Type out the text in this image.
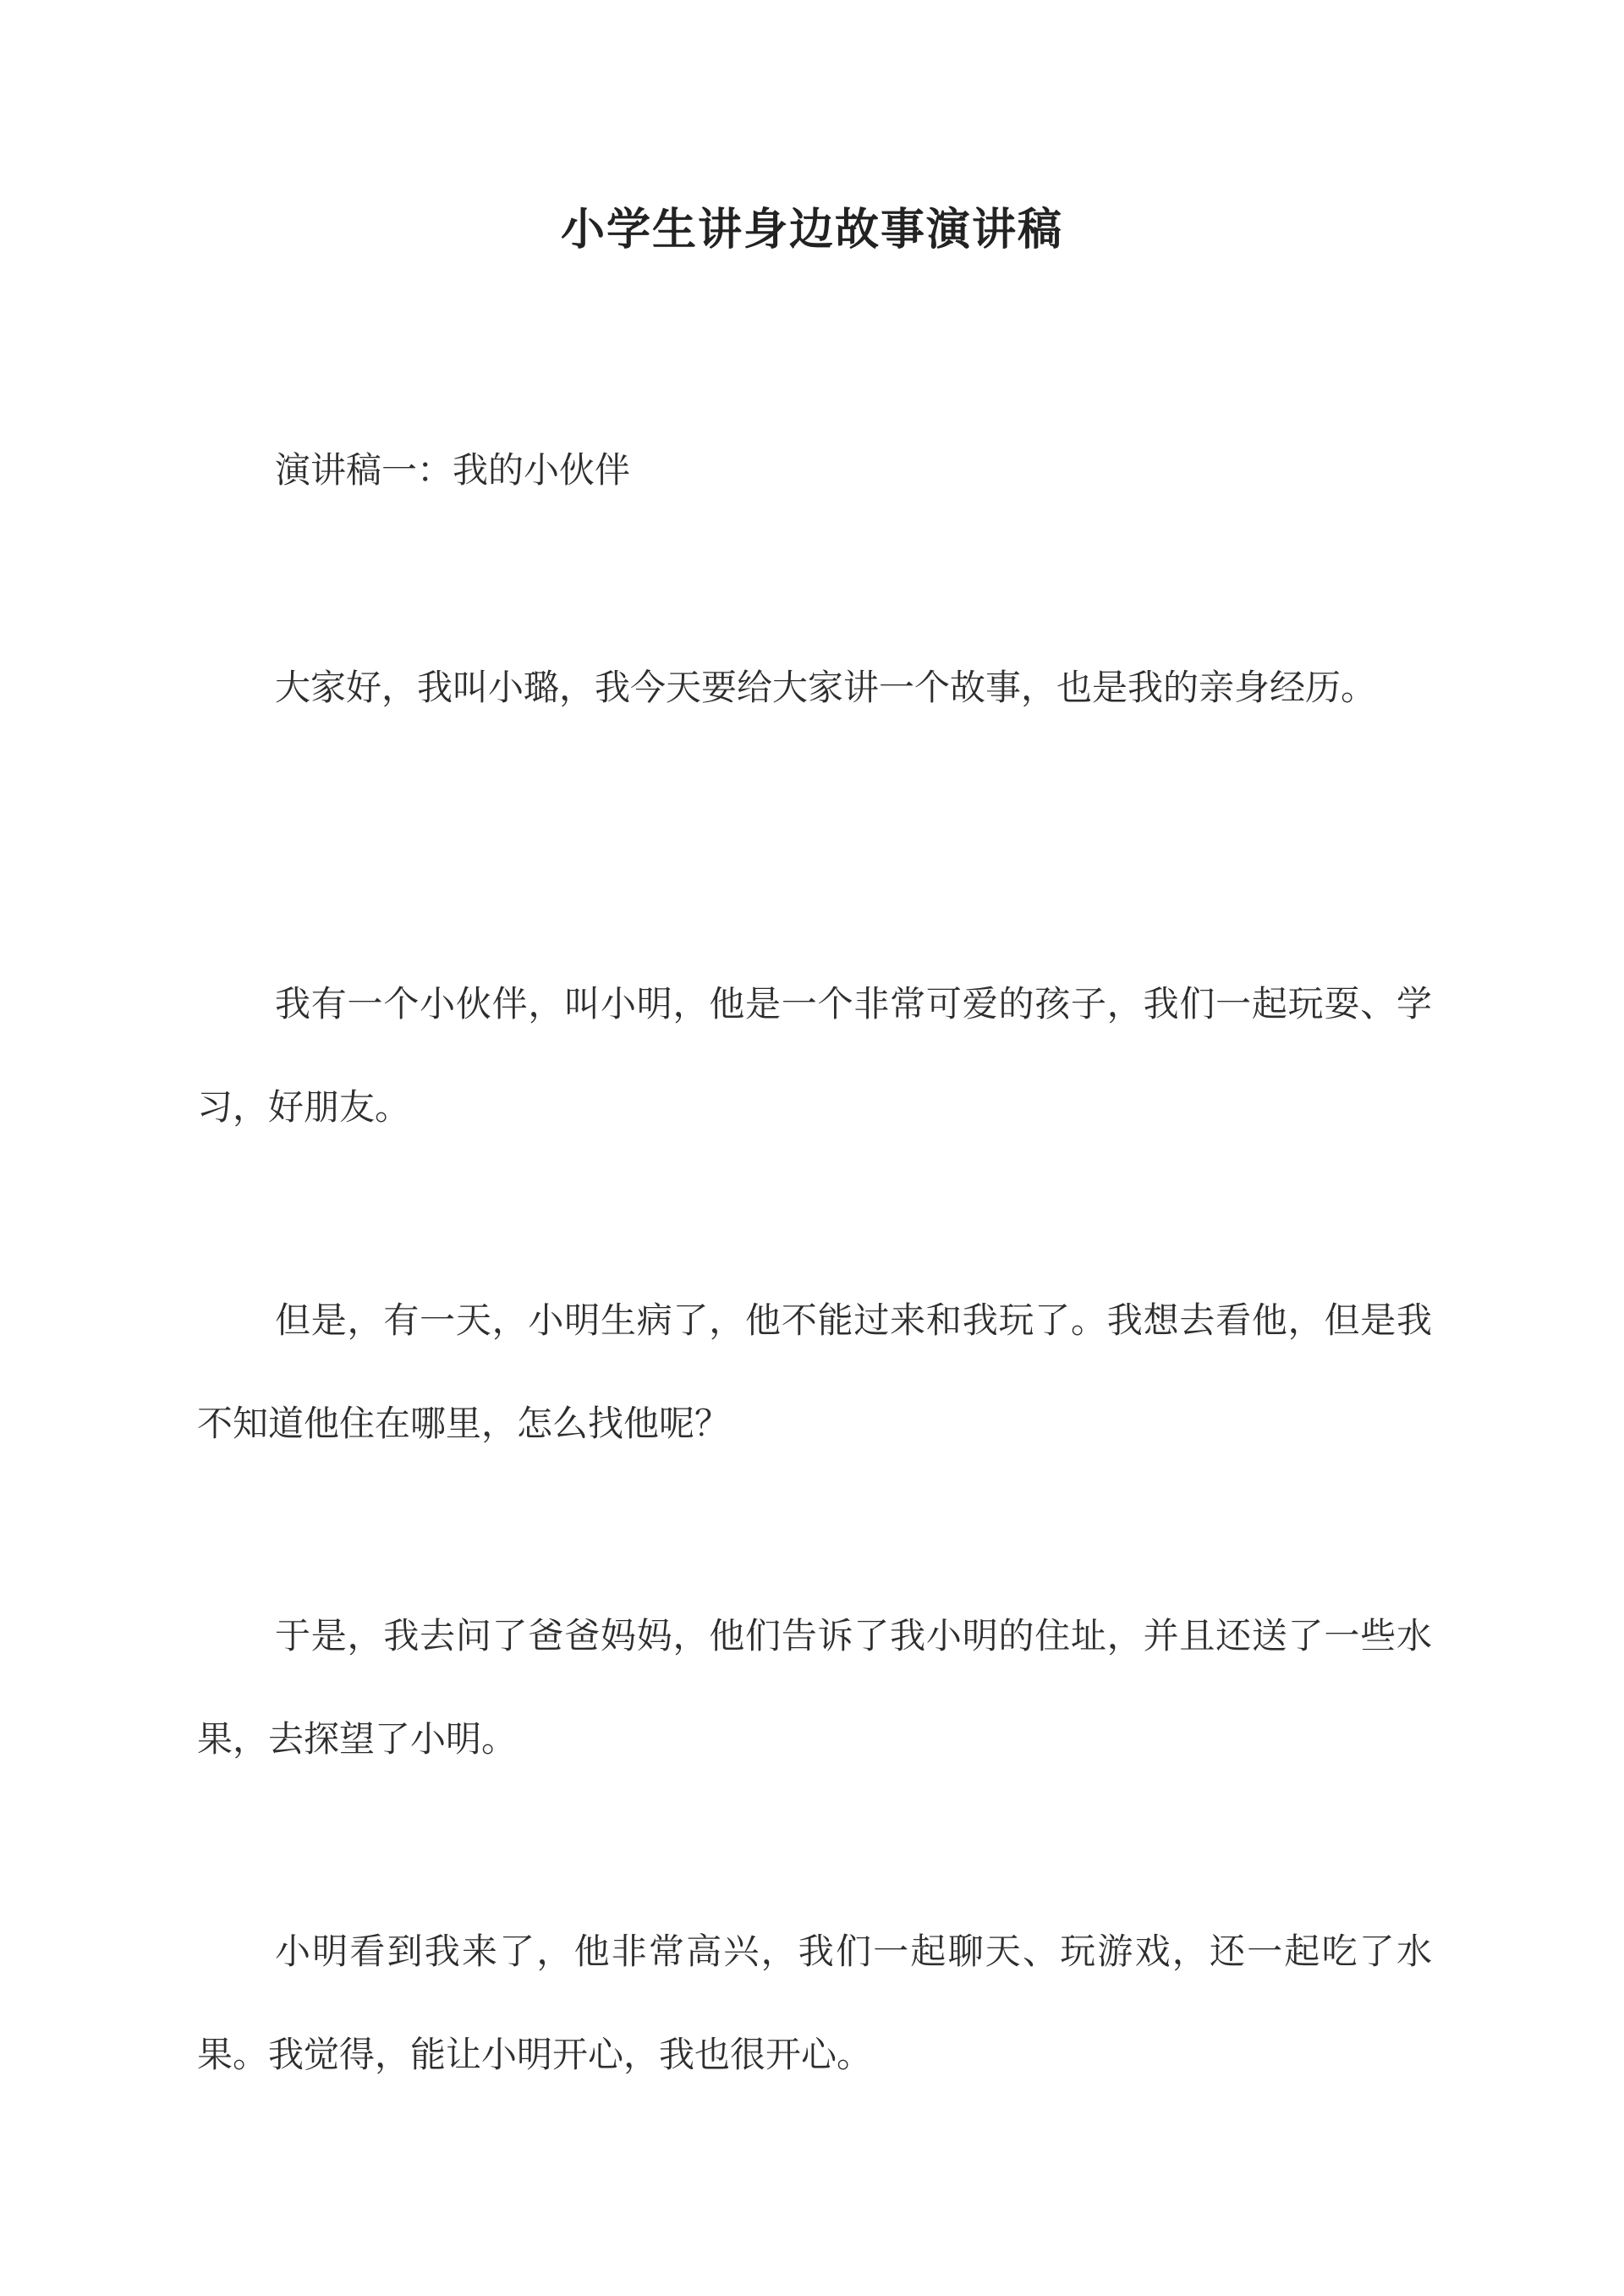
小学生讲身边故事演讲稿

演讲稿一：我的小伙伴

大家好，我叫小璐，我今天要给大家讲一个故事，也是我的亲身经历。

我有一个小伙伴，叫小明，他是一个非常可爱的孩子，我们一起玩耍、学习，好朋友。

但是，有一天，小明生病了，他不能过来和我玩了。我想去看他，但是我不知道他住在哪里，怎么找他呢？

于是，我去问了爸爸妈妈，他们告诉了我小明的住址，并且还送了一些水果，去探望了小明。

小明看到我来了，他非常高兴，我们一起聊天、玩游戏，还一起吃了水果。我觉得，能让小明开心，我也很开心。
